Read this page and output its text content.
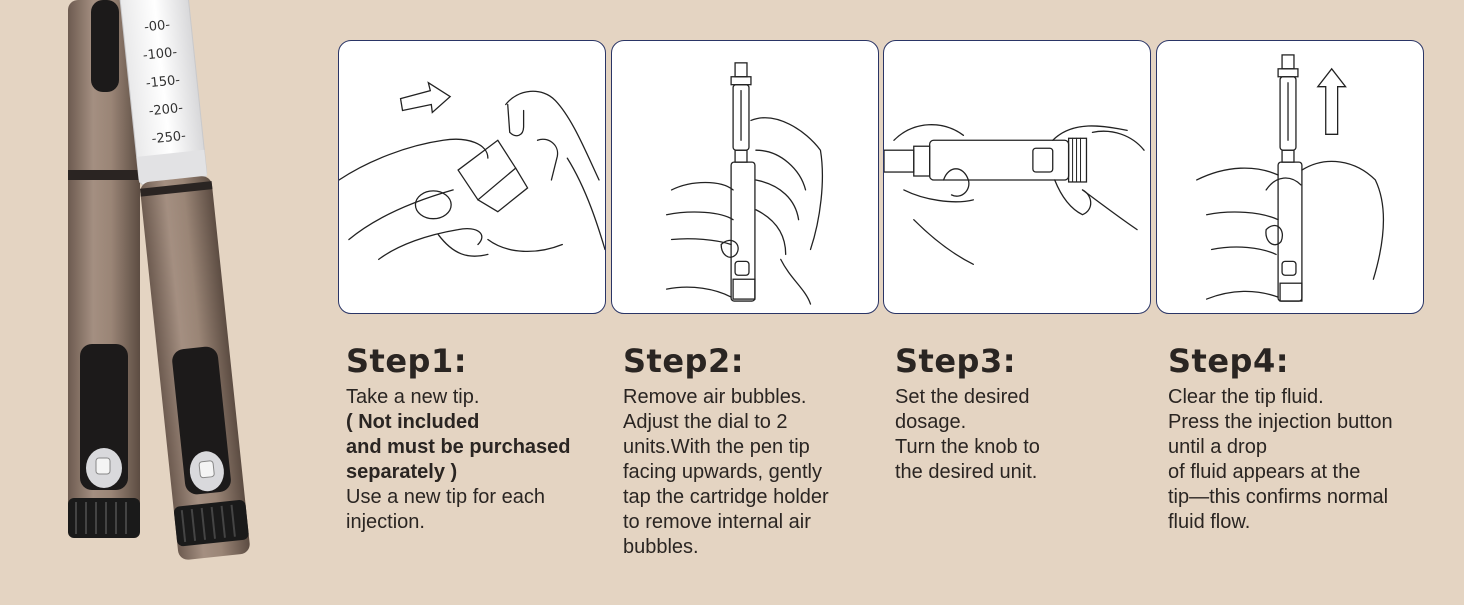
-00-
-100-
-150-
-200-
-250-
Step1:
Take a new tip.
( Not included
and must be purchased
separately )
Use a new tip for each
injection.
Step2:
Remove air bubbles.
Adjust the dial to 2
units.With the pen tip
facing upwards, gently
tap the cartridge holder
to remove internal air
bubbles.
Step3:
Set the desired
dosage.
Turn the knob to
the desired unit.
Step4:
Clear the tip fluid.
Press the injection button
until a drop
of fluid appears at the
tip—this confirms normal
fluid flow.
